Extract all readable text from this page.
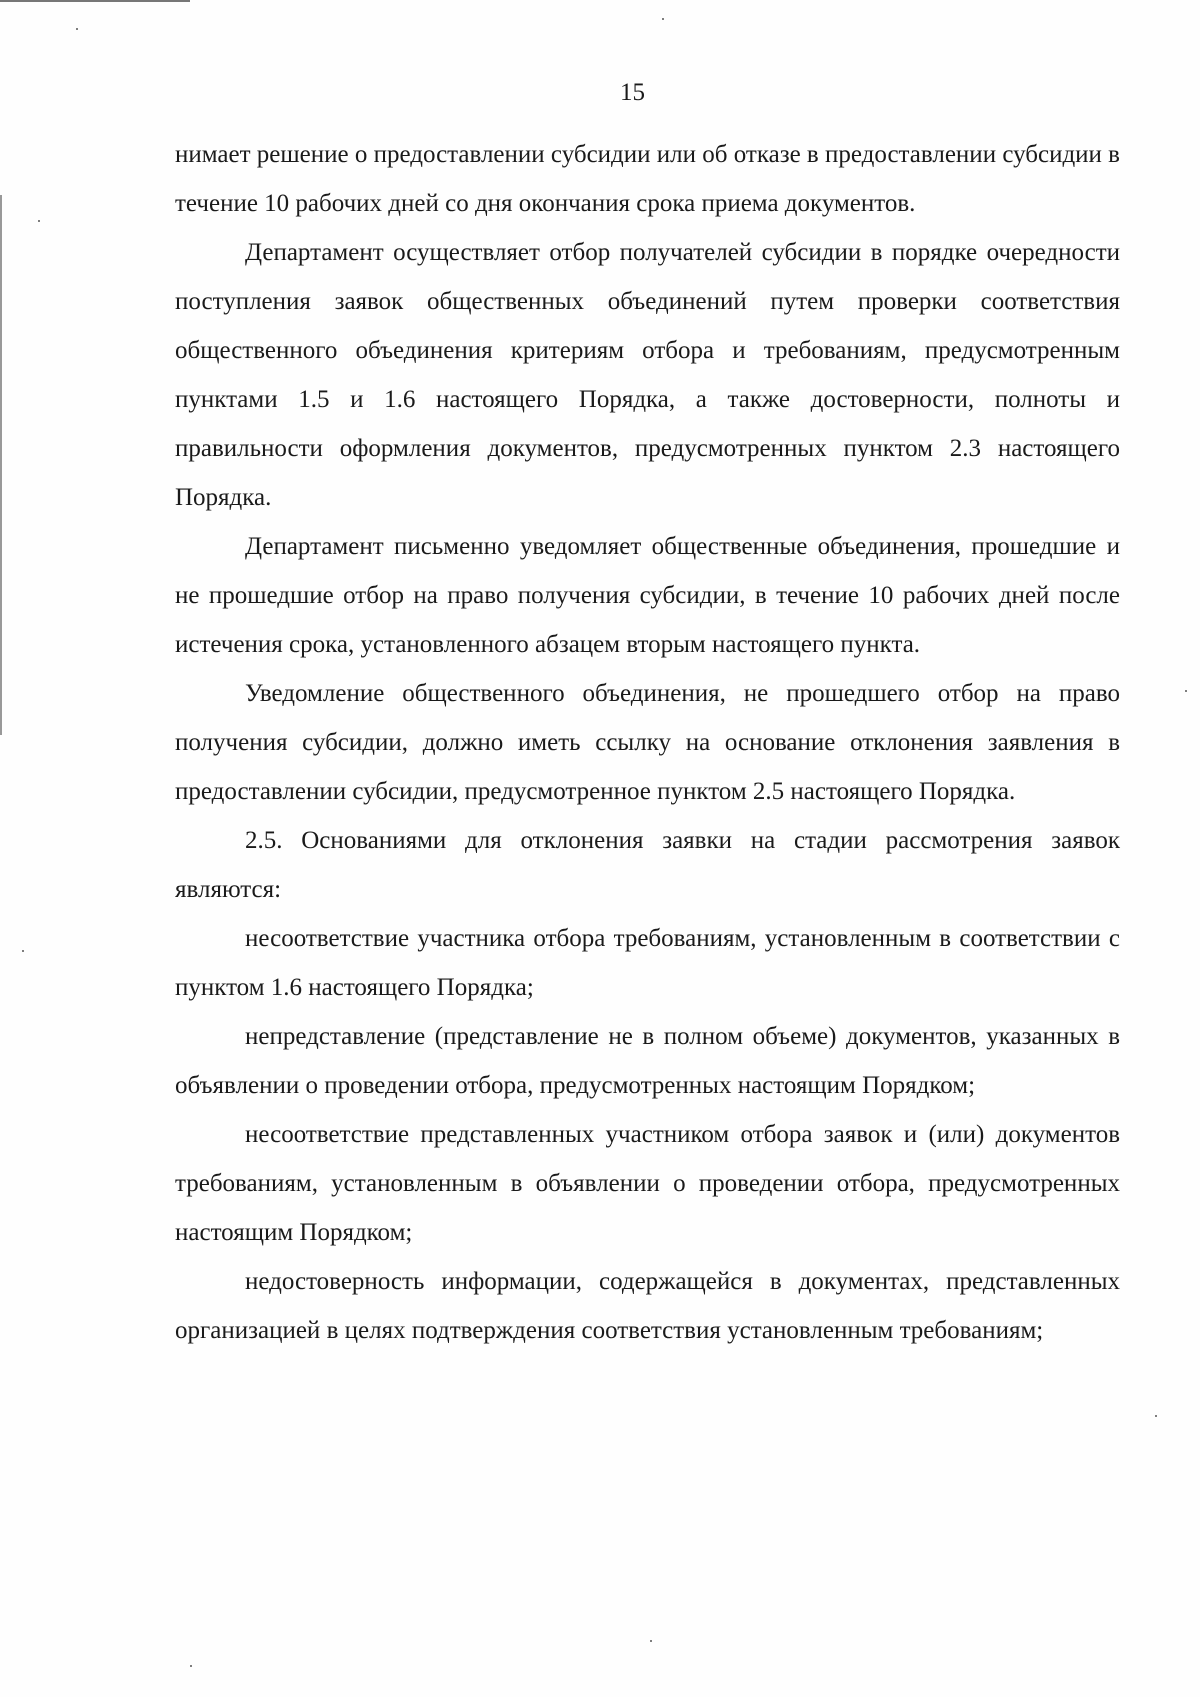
15

нимает решение о предоставлении субсидии или об отказе в предоставлении субсидии в течение 10 рабочих дней со дня окончания срока приема документов.

Департамент осуществляет отбор получателей субсидии в порядке очередности поступления заявок общественных объединений путем проверки соответствия общественного объединения критериям отбора и требованиям, предусмотренным пунктами 1.5 и 1.6 настоящего Порядка, а также достоверности, полноты и правильности оформления документов, предусмотренных пунктом 2.3 настоящего Порядка.

Департамент письменно уведомляет общественные объединения, прошедшие и не прошедшие отбор на право получения субсидии, в течение 10 рабочих дней после истечения срока, установленного абзацем вторым настоящего пункта.

Уведомление общественного объединения, не прошедшего отбор на право получения субсидии, должно иметь ссылку на основание отклонения заявления в предоставлении субсидии, предусмотренное пунктом 2.5 настоящего Порядка.

2.5. Основаниями для отклонения заявки на стадии рассмотрения заявок являются:

несоответствие участника отбора требованиям, установленным в соответствии с пунктом 1.6 настоящего Порядка;

непредставление (представление не в полном объеме) документов, указанных в объявлении о проведении отбора, предусмотренных настоящим Порядком;

несоответствие представленных участником отбора заявок и (или) документов требованиям, установленным в объявлении о проведении отбора, предусмотренных настоящим Порядком;

недостоверность информации, содержащейся в документах, представленных организацией в целях подтверждения соответствия установленным требованиям;
